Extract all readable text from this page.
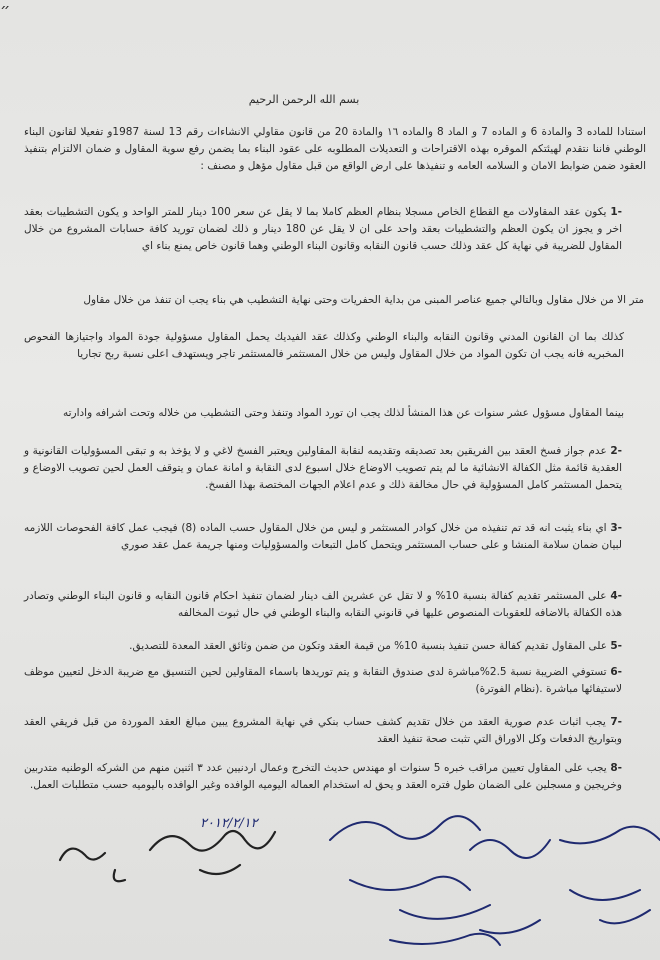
״
بسم الله الرحمن الرحيم
استنادا للماده 3 والمادة 6 و الماده 7 و الماد 8 والماده ١٦ والمادة 20 من قانون مقاولي الانشاءات رقم 13 لسنة 1987و تفعيلا لقانون البناء الوطني فاننا نتقدم لهيئتكم الموقره بهذه الاقتراحات و التعديلات المطلوبه على عقود البناء بما يضمن رفع سوية المقاول و ضمان الالتزام بتنفيذ العقود ضمن ضوابط الامان و السلامه العامه و تنفيذها على ارض الواقع من قبل مقاول مؤهل و مصنف :
-1 يكون عقد المقاولات مع القطاع الخاص مسجلا بنظام العظم كاملا بما لا يقل عن سعر 100 دينار للمتر الواحد و يكون التشطيبات بعقد اخر و يجوز ان يكون العظم والتشطيبات بعقد واحد على ان لا يقل عن 180 دينار و ذلك لضمان توريد كافة حسابات المشروع من خلال المقاول للضريبة في نهاية كل عقد وذلك حسب قانون النقابه وقانون البناء الوطني وهما قانون خاص يمنع بناء اي
متر الا من خلال مقاول وبالتالي جميع عناصر المبنى من بداية الحفريات وحتى نهاية التشطيب هي بناء يجب ان تنفذ من خلال مقاول
كذلك بما ان القانون المدني وقانون النقابه والبناء الوطني وكذلك عقد الفيديك يحمل المقاول مسؤولية جودة المواد واجتيازها الفحوص المخبريه فانه يجب ان تكون المواد من خلال المقاول وليس من خلال المستثمر فالمستثمر تاجر ويستهدف اعلى نسبة ربح تجاريا
بينما المقاول مسؤول عشر سنوات عن هذا المنشأ لذلك يجب ان تورد المواد وتنفذ وحتى التشطيب من خلاله وتحت اشرافه وادارته
-2 عدم جواز فسخ العقد بين الفريقين بعد تصديقه وتقديمه لنقابة المقاولين ويعتبر الفسخ لاغي و لا يؤخذ به و تبقى المسؤوليات القانونية و العقدية قائمة مثل الكفالة الانشائية ما لم يتم تصويب الاوضاع خلال اسبوع لدى النقابة و امانة عمان و يتوقف العمل لحين تصويب الاوضاع و يتحمل المستثمر كامل المسؤولية في حال مخالفة ذلك و عدم اعلام الجهات المختصة بهذا الفسخ.
-3 اي بناء يثبت انه قد تم تنفيذه من خلال كوادر المستثمر و ليس من خلال المقاول حسب الماده (8) فيجب عمل كافة الفحوصات اللازمه لبيان ضمان سلامة المنشا و على حساب المستثمر ويتحمل كامل التبعات والمسؤوليات ومنها جريمة عمل عقد صوري
-4 على المستثمر تقديم كفالة بنسبة 10% و لا تقل عن عشرين الف دينار لضمان تنفيذ احكام قانون النقابه و قانون البناء الوطني وتصادر هذه الكفالة بالاضافه للعقوبات المنصوص عليها في قانوني النقابه والبناء الوطني في حال ثبوت المخالفه
-5 على المقاول تقديم كفالة حسن تنفيذ بنسبة 10% من قيمة العقد وتكون من ضمن وثائق العقد المعدة للتصديق.
-6 تستوفي الضريبة نسبة 2.5%مباشرة لدى صندوق النقابة و يتم توريدها باسماء المقاولين لحين التنسيق مع ضريبة الدخل لتعيين موظف لاستيفائها مباشرة .(نظام الفوترة)
-7 يجب اثبات عدم صورية العقد من خلال تقديم كشف حساب بنكي في نهاية المشروع يبين مبالغ العقد الموردة من قبل فريقي العقد وبتواريخ الدفعات وكل الاوراق التي تثبت صحة تنفيذ العقد
-8 يجب على المقاول تعيين مراقب خبره 5 سنوات او مهندس حديث التخرج وعمال اردنيين عدد ٣ اثنين منهم من الشركه الوطنيه متدربين وخريجين و مسجلين على الضمان طول فتره العقد و يحق له استخدام العماله اليوميه الوافده وغير الوافده باليوميه حسب متطلبات العمل.
٢٠١٢/٢/١٢
